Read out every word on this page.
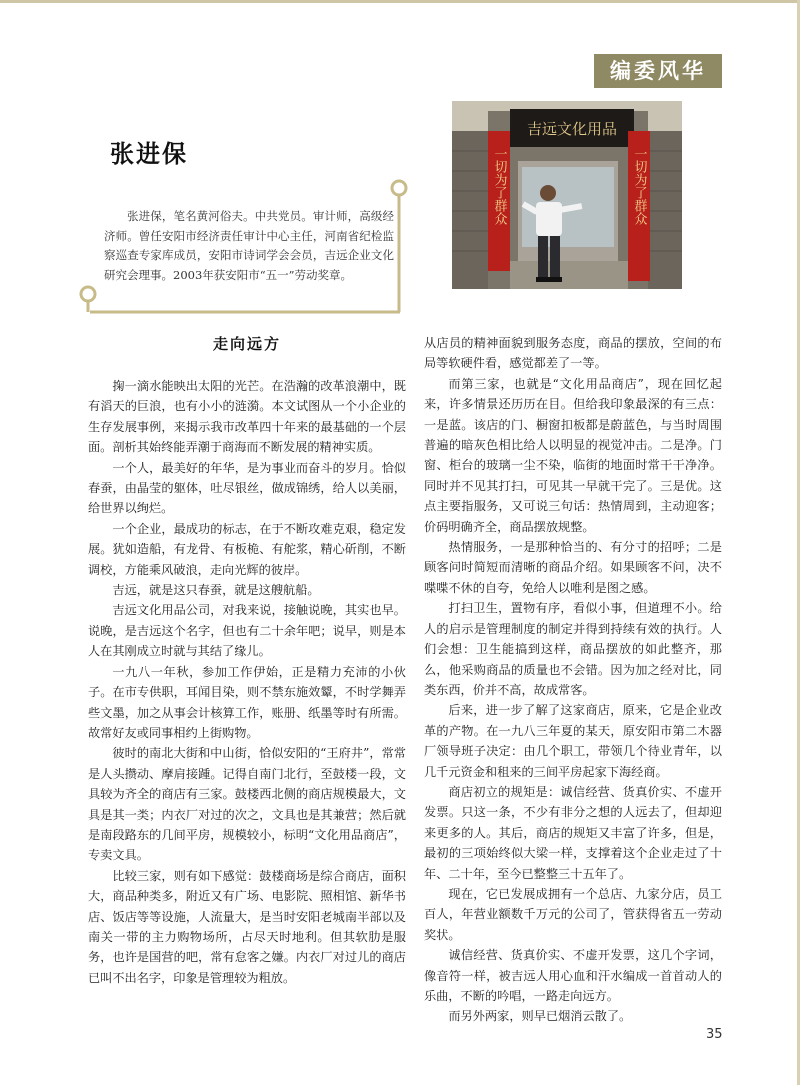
编委风华
张进保
张进保，笔名黄河俗夫。中共党员。审计师，高级经济师。曾任安阳市经济责任审计中心主任，河南省纪检监察巡查专家库成员，安阳市诗词学会会员，吉远企业文化研究会理事。2003年获安阳市“五一”劳动奖章。
吉远文化用品
一切为了群众	一切为了群众
走向远方

掬一滴水能映出太阳的光芒。在浩瀚的改革浪潮中，既有滔天的巨浪，也有小小的涟漪。本文试图从一个小企业的生存发展事例，来揭示我市改革四十年来的最基础的一个层面。剖析其始终能弄潮于商海而不断发展的精神实质。

一个人，最美好的年华，是为事业而奋斗的岁月。恰似春蚕，由晶莹的躯体，吐尽银丝，做成锦绣，给人以美丽，给世界以绚烂。

一个企业，最成功的标志，在于不断攻难克艰，稳定发展。犹如造船，有龙骨、有板桅、有舵浆，精心斫削，不断调校，方能乘风破浪，走向光辉的彼岸。

吉远，就是这只春蚕，就是这艘航船。

吉远文化用品公司，对我来说，接触说晚，其实也早。说晚，是吉远这个名字，但也有二十余年吧；说早，则是本人在其刚成立时就与其结了缘儿。

一九八一年秋，参加工作伊始，正是精力充沛的小伙子。在市专供职，耳闻目染，则不禁东施效颦，不时学舞弄些文墨，加之从事会计核算工作，账册、纸墨等时有所需。故常好友或同事相约上街购物。

彼时的南北大街和中山街，恰似安阳的“王府井”，常常是人头攒动、摩肩接踵。记得自南门北行，至鼓楼一段，文具较为齐全的商店有三家。鼓楼西北侧的商店规模最大，文具是其一类；内衣厂对过的次之，文具也是其兼营；然后就是南段路东的几间平房，规模较小，标明“文化用品商店”，专卖文具。

比较三家，则有如下感觉：鼓楼商场是综合商店，面积大，商品种类多，附近又有广场、电影院、照相馆、新华书店、饭店等等设施，人流量大，是当时安阳老城南半部以及南关一带的主力购物场所，占尽天时地利。但其软肋是服务，也许是国营的吧，常有怠客之嫌。内衣厂对过儿的商店已叫不出名字，印象是管理较为粗放。

从店员的精神面貌到服务态度，商品的摆放，空间的布局等软硬件看，感觉都差了一等。

而第三家，也就是“文化用品商店”，现在回忆起来，许多情景还历历在目。但给我印象最深的有三点：一是蓝。该店的门、橱窗扣板都是蔚蓝色，与当时周围普遍的暗灰色相比给人以明显的视觉冲击。二是净。门窗、柜台的玻璃一尘不染，临街的地面时常干干净净。同时并不见其打扫，可见其一早就干完了。三是优。这点主要指服务，又可说三句话：热情周到，主动迎客；价码明确齐全，商品摆放规整。

热情服务，一是那种恰当的、有分寸的招呼；二是顾客问时简短而清晰的商品介绍。如果顾客不问，决不喋喋不休的自夸，免给人以唯利是图之感。

打扫卫生，置物有序，看似小事，但道理不小。给人的启示是管理制度的制定并得到持续有效的执行。人们会想：卫生能搞到这样，商品摆放的如此整齐，那么，他采购商品的质量也不会错。因为加之经对比，同类东西，价并不高，故成常客。

后来，进一步了解了这家商店，原来，它是企业改革的产物。在一九八三年夏的某天，原安阳市第二木器厂领导班子决定：由几个职工，带领几个待业青年，以几千元资金和租来的三间平房起家下海经商。

商店初立的规矩是：诚信经营、货真价实、不虚开发票。只这一条，不少有非分之想的人远去了，但却迎来更多的人。其后，商店的规矩又丰富了许多，但是，最初的三项始终似大梁一样，支撑着这个企业走过了十年、二十年，至今已整整三十五年了。

现在，它已发展成拥有一个总店、九家分店，员工百人，年营业额数千万元的公司了，管获得省五一劳动奖状。

诚信经营、货真价实、不虚开发票，这几个字词，像音符一样，被吉远人用心血和汗水编成一首首动人的乐曲，不断的吟唱，一路走向远方。

而另外两家，则早已烟消云散了。

35
